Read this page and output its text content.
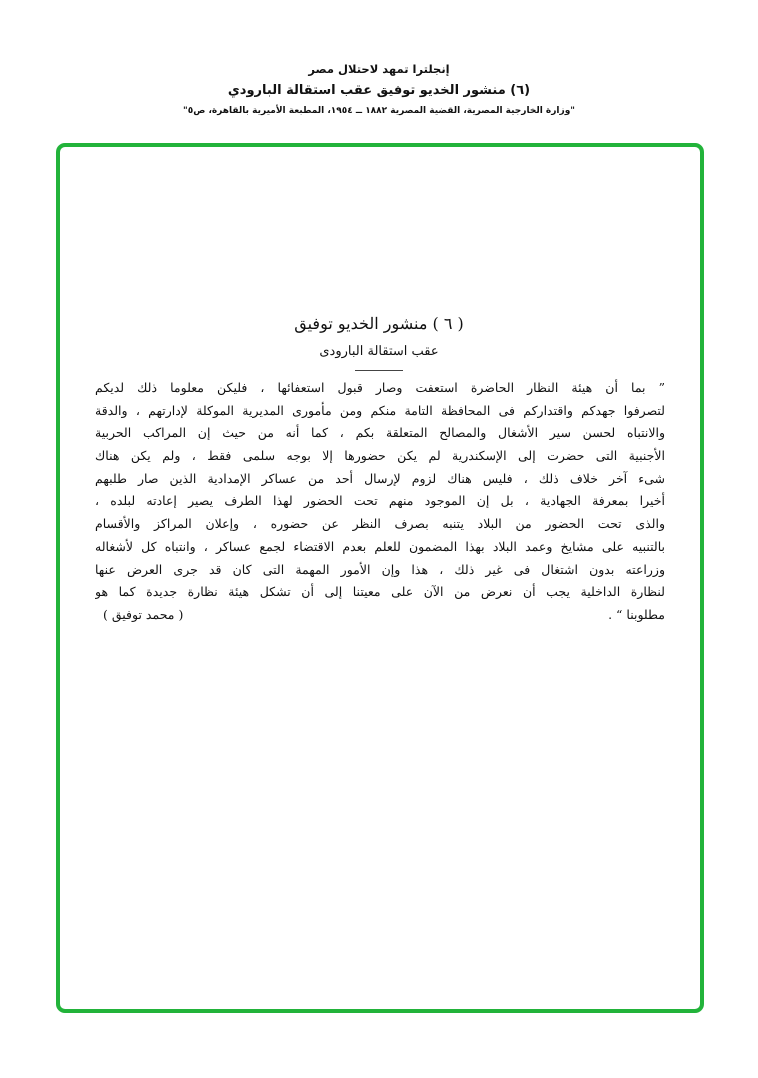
إنجلترا تمهد لاحتلال مصر
(٦) منشور الخديو توفيق عقب استقالة البارودي
"وزارة الخارجية المصرية، القضية المصرية ١٨٨٢ ــ ١٩٥٤، المطبعة الأميرية بالقاهرة، ص٥"
( ٦ ) منشور الخديو توفيق
عقب استقالة البارودى
” بما أن هيئة النظار الحاضرة استعفت وصار قبول استعفائها ، فليكن معلوما ذلك لديكم
لتصرفوا جهدكم واقتداركم فى المحافظة التامة منكم ومن مأمورى المديرية الموكلة لإدارتهم ، والدقة
والانتباه لحسن سير الأشغال والمصالح المتعلقة بكم ، كما أنه من حيث إن المراكب الحربية
الأجنبية التى حضرت إلى الإسكندرية لم يكن حضورها إلا بوجه سلمى فقط ، ولم يكن هناك
شىء آخر خلاف ذلك ، فليس هناك لزوم لإرسال أحد من عساكر الإمدادية الذين صار طلبهم
أخيرا بمعرفة الجهادية ، بل إن الموجود منهم تحت الحضور لهذا الطرف يصير إعادته لبلده ،
والذى تحت الحضور من البلاد يتنبه بصرف النظر عن حضوره ، وإعلان المراكز والأقسام
بالتنبيه على مشايخ وعمد البلاد بهذا المضمون للعلم بعدم الاقتضاء لجمع عساكر ، وانتباه كل لأشغاله
وزراعته بدون اشتغال فى غير ذلك ، هذا وإن الأمور المهمة التى كان قد جرى العرض عنها
لنظارة الداخلية يجب أن نعرض من الآن على معيتنا إلى أن تشكل هيئة نظارة جديدة كما هو
مطلوبنا “ .
( محمد توفيق )
